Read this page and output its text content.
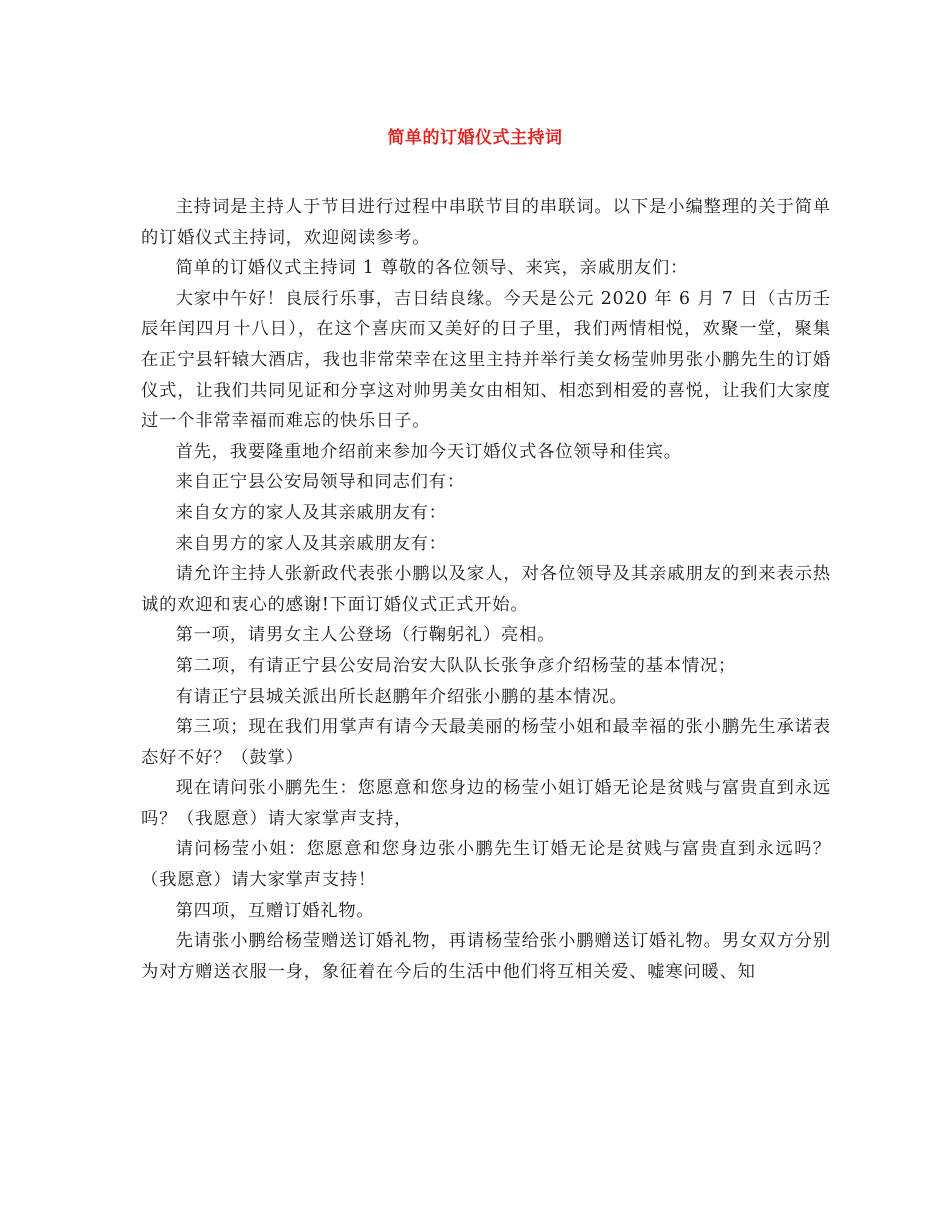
简单的订婚仪式主持词

主持词是主持人于节目进行过程中串联节目的串联词。以下是小编整理的关于简单的订婚仪式主持词，欢迎阅读参考。

简单的订婚仪式主持词 1 尊敬的各位领导、来宾，亲戚朋友们：

大家中午好！良辰行乐事，吉日结良缘。今天是公元 2020 年 6 月 7 日（古历壬辰年闰四月十八日），在这个喜庆而又美好的日子里，我们两情相悦，欢聚一堂，聚集在正宁县轩辕大酒店，我也非常荣幸在这里主持并举行美女杨莹帅男张小鹏先生的订婚仪式，让我们共同见证和分享这对帅男美女由相知、相恋到相爱的喜悦，让我们大家度过一个非常幸福而难忘的快乐日子。

首先，我要隆重地介绍前来参加今天订婚仪式各位领导和佳宾。

来自正宁县公安局领导和同志们有：

来自女方的家人及其亲戚朋友有：

来自男方的家人及其亲戚朋友有：

请允许主持人张新政代表张小鹏以及家人，对各位领导及其亲戚朋友的到来表示热诚的欢迎和衷心的感谢!下面订婚仪式正式开始。

第一项，请男女主人公登场（行鞠躬礼）亮相。

第二项，有请正宁县公安局治安大队队长张争彦介绍杨莹的基本情况；

有请正宁县城关派出所长赵鹏年介绍张小鹏的基本情况。

第三项；现在我们用掌声有请今天最美丽的杨莹小姐和最幸福的张小鹏先生承诺表态好不好？（鼓掌）

现在请问张小鹏先生：您愿意和您身边的杨莹小姐订婚无论是贫贱与富贵直到永远吗？（我愿意）请大家掌声支持，

请问杨莹小姐：您愿意和您身边张小鹏先生订婚无论是贫贱与富贵直到永远吗？（我愿意）请大家掌声支持！

第四项，互赠订婚礼物。

先请张小鹏给杨莹赠送订婚礼物，再请杨莹给张小鹏赠送订婚礼物。男女双方分别为对方赠送衣服一身，象征着在今后的生活中他们将互相关爱、嘘寒问暖、知
